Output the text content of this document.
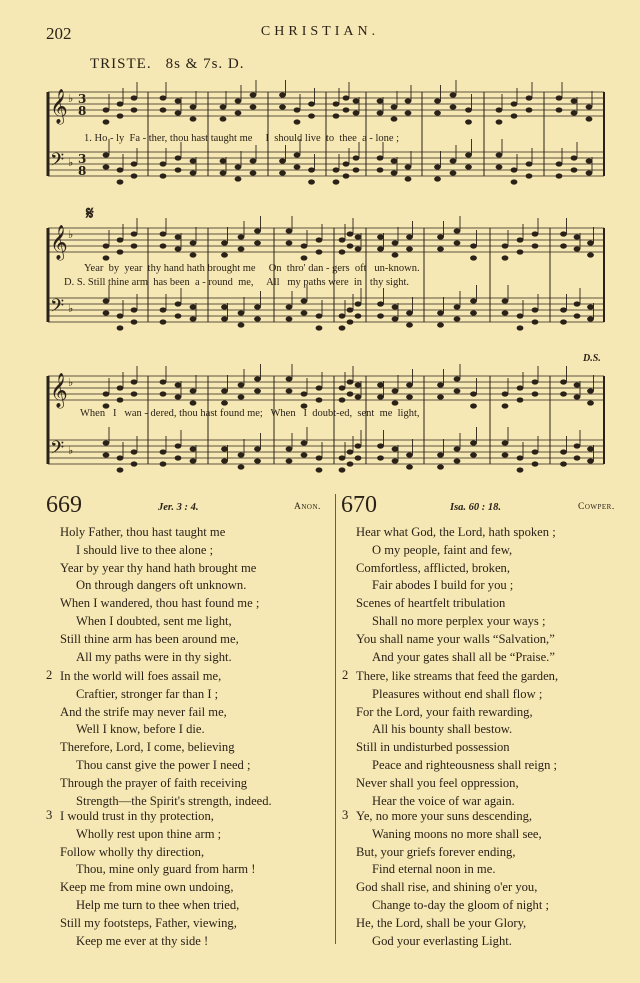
202	CHRISTIAN.
TRISTE. 8s & 7s. D.
𝄞 3
8
♭
𝄢 3
8
♭
1. Ho - ly  Fa - ther, thou hast taught me     I  should live  to  thee  a - lone ;
𝄋
𝄞 ♭
𝄢 ♭
Year  by  year  thy hand hath brought me     On  thro' dan - gers  oft   un-known.
D. S. Still thine arm  has been  a - round  me,     All   my paths were  in   thy sight.
D.S.
𝄞 ♭
𝄢 ♭
When   I   wan - dered, thou hast found me;   When   I  doubt-ed,  sent  me  light,
669	Jer. 3 : 4.	Anon.
Holy Father, thou hast taught me
I should live to thee alone ;
Year by year thy hand hath brought me
On through dangers oft unknown.
When I wandered, thou hast found me ;
When I doubted, sent me light,
Still thine arm has been around me,
All my paths were in thy sight.
2 In the world will foes assail me,
Craftier, stronger far than I ;
And the strife may never fail me,
Well I know, before I die.
Therefore, Lord, I come, believing
Thou canst give the power I need ;
Through the prayer of faith receiving
Strength—the Spirit's strength, indeed.
3 I would trust in thy protection,
Wholly rest upon thine arm ;
Follow wholly thy direction,
Thou, mine only guard from harm !
Keep me from mine own undoing,
Help me turn to thee when tried,
Still my footsteps, Father, viewing,
Keep me ever at thy side !
670	Isa. 60 : 18.	Cowper.
Hear what God, the Lord, hath spoken ;
O my people, faint and few,
Comfortless, afflicted, broken,
Fair abodes I build for you ;
Scenes of heartfelt tribulation
Shall no more perplex your ways ;
You shall name your walls “Salvation,”
And your gates shall all be “Praise.”
2 There, like streams that feed the garden,
Pleasures without end shall flow ;
For the Lord, your faith rewarding,
All his bounty shall bestow.
Still in undisturbed possession
Peace and righteousness shall reign ;
Never shall you feel oppression,
Hear the voice of war again.
3 Ye, no more your suns descending,
Waning moons no more shall see,
But, your griefs forever ending,
Find eternal noon in me.
God shall rise, and shining o'er you,
Change to-day the gloom of night ;
He, the Lord, shall be your Glory,
God your everlasting Light.
